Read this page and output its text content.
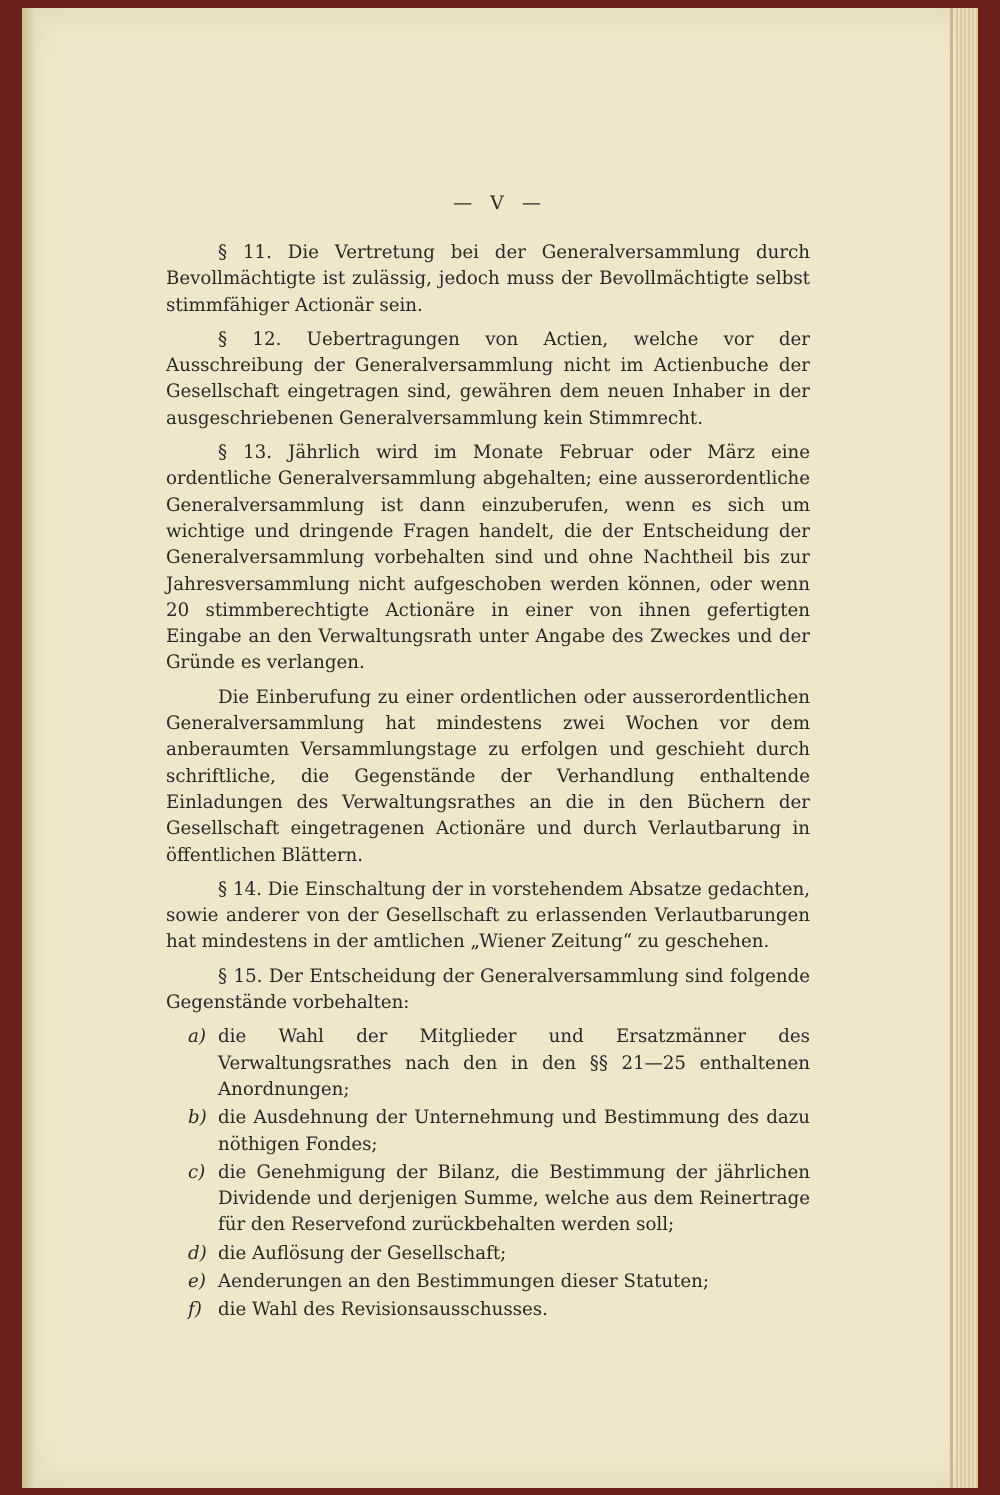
— V —

§ 11. Die Vertretung bei der Generalversammlung durch Bevollmächtigte ist zulässig, jedoch muss der Bevollmächtigte selbst stimmfähiger Actionär sein.

§ 12. Uebertragungen von Actien, welche vor der Ausschreibung der Generalversammlung nicht im Actienbuche der Gesellschaft eingetragen sind, gewähren dem neuen Inhaber in der ausgeschriebenen Generalversammlung kein Stimmrecht.

§ 13. Jährlich wird im Monate Februar oder März eine ordentliche Generalversammlung abgehalten; eine ausserordentliche Generalversammlung ist dann einzuberufen, wenn es sich um wichtige und dringende Fragen handelt, die der Entscheidung der Generalversammlung vorbehalten sind und ohne Nachtheil bis zur Jahresversammlung nicht aufgeschoben werden können, oder wenn 20 stimmberechtigte Actionäre in einer von ihnen gefertigten Eingabe an den Verwaltungsrath unter Angabe des Zweckes und der Gründe es verlangen.

Die Einberufung zu einer ordentlichen oder ausserordentlichen Generalversammlung hat mindestens zwei Wochen vor dem anberaumten Versammlungstage zu erfolgen und geschieht durch schriftliche, die Gegenstände der Verhandlung enthaltende Einladungen des Verwaltungsrathes an die in den Büchern der Gesellschaft eingetragenen Actionäre und durch Verlautbarung in öffentlichen Blättern.

§ 14. Die Einschaltung der in vorstehendem Absatze gedachten, sowie anderer von der Gesellschaft zu erlassenden Verlautbarungen hat mindestens in der amtlichen „Wiener Zeitung“ zu geschehen.

§ 15. Der Entscheidung der Generalversammlung sind folgende Gegenstände vorbehalten:

a) die Wahl der Mitglieder und Ersatzmänner des Verwaltungsrathes nach den in den §§ 21—25 enthaltenen Anordnungen;
b) die Ausdehnung der Unternehmung und Bestimmung des dazu nöthigen Fondes;
c) die Genehmigung der Bilanz, die Bestimmung der jährlichen Dividende und derjenigen Summe, welche aus dem Reinertrage für den Reservefond zurückbehalten werden soll;
d) die Auflösung der Gesellschaft;
e) Aenderungen an den Bestimmungen dieser Statuten;
f) die Wahl des Revisionsausschusses.
